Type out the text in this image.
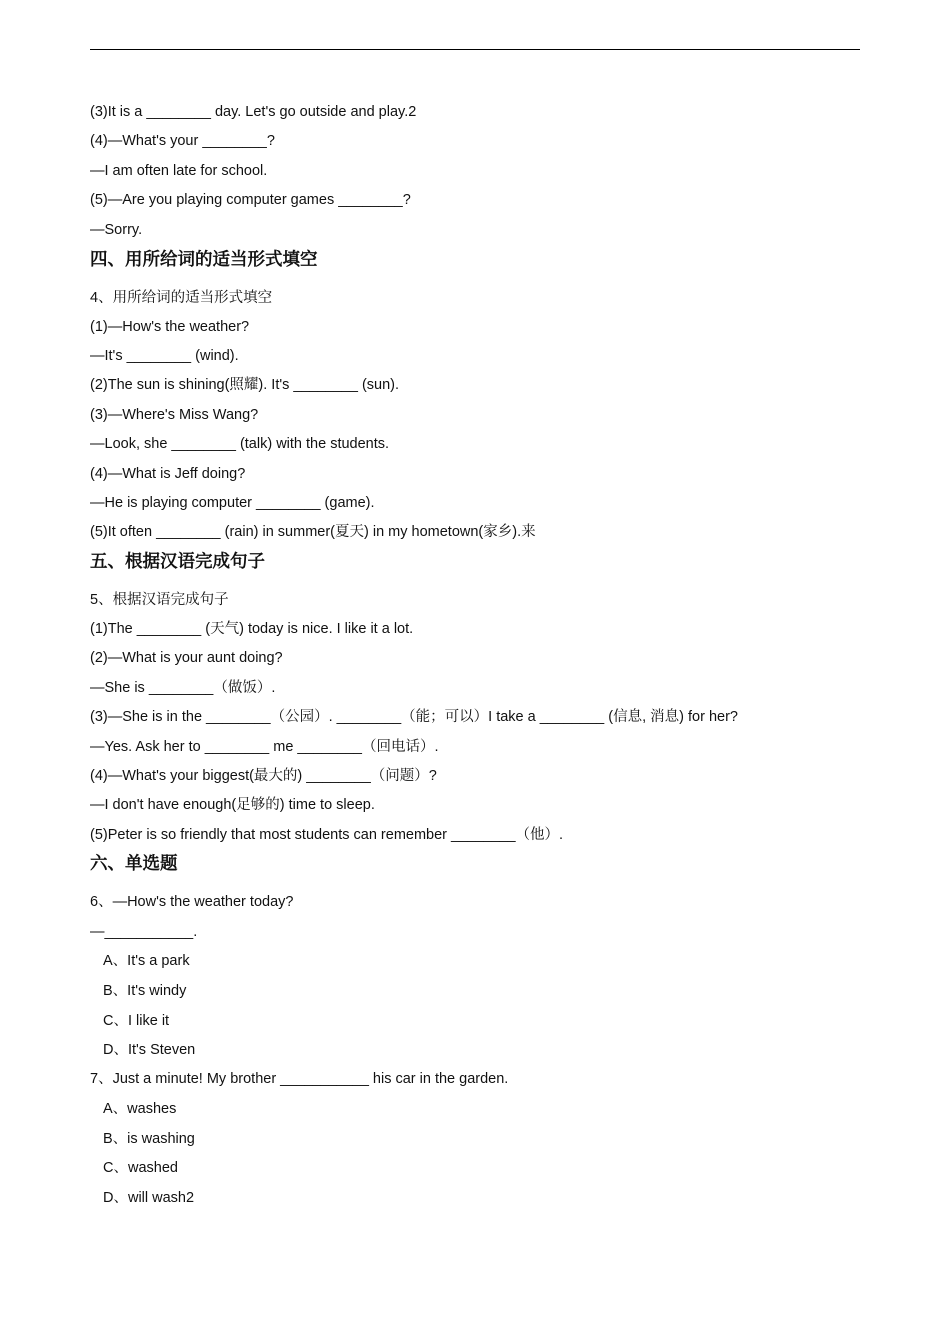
(3)It is a ________ day. Let's go outside and play.2
(4)—What's your ________?
—I am often late for school.
(5)—Are you playing computer games ________?
—Sorry.
四、用所给词的适当形式填空
4、用所给词的适当形式填空
(1)—How's the weather?
—It's ________ (wind).
(2)The sun is shining(照耀). It's ________ (sun).
(3)—Where's Miss Wang?
—Look, she ________ (talk) with the students.
(4)—What is Jeff doing?
—He is playing computer ________ (game).
(5)It often ________ (rain) in summer(夏天) in my hometown(家乡).来
五、根据汉语完成句子
5、根据汉语完成句子
(1)The ________ (天气) today is nice. I like it a lot.
(2)—What is your aunt doing?
—She is ________（做饭）.
(3)—She is in the ________（公园）. ________（能；可以）I take a ________ (信息, 消息) for her?
—Yes. Ask her to ________ me ________（回电话）.
(4)—What's your biggest(最大的) ________（问题）?
—I don't have enough(足够的) time to sleep.
(5)Peter is so friendly that most students can remember ________（他）.
六、单选题
6、—How's the weather today?
—___________.
A、It's a park
B、It's windy
C、I like it
D、It's Steven
7、Just a minute! My brother ___________ his car in the garden.
A、washes
B、is washing
C、washed
D、will wash2
